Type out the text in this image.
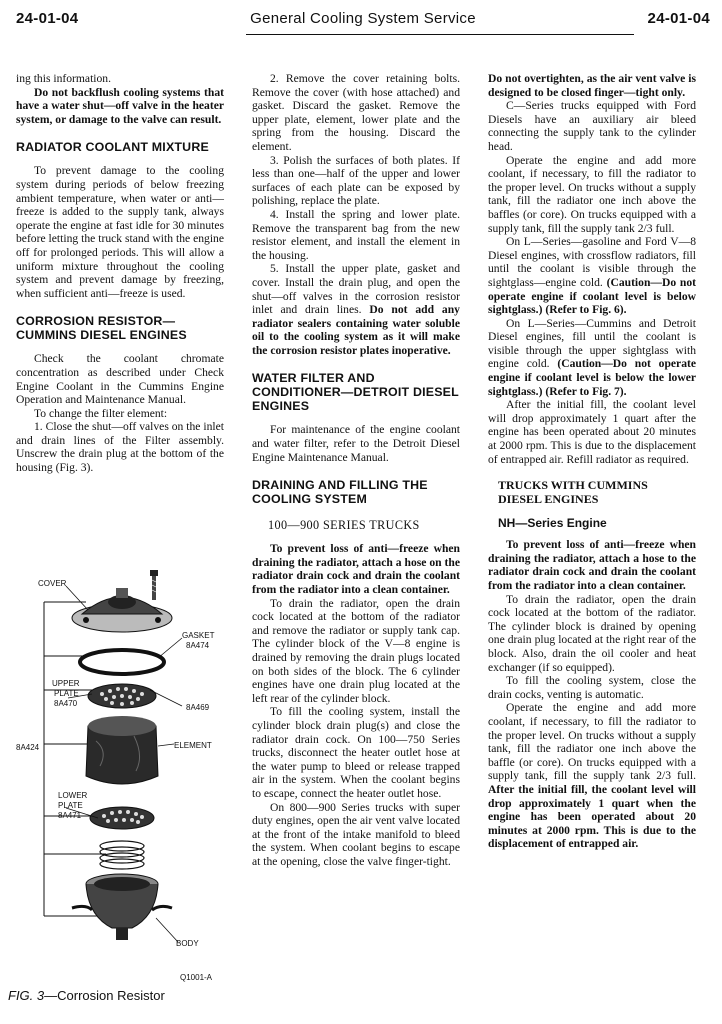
24-01-04	General Cooling System Service	24-01-04

ing this information.

Do not backflush cooling systems that have a water shut—off valve in the heater system, or damage to the valve can result.

RADIATOR COOLANT MIXTURE

To prevent damage to the cooling system during periods of below freezing ambient temperature, when water or anti—freeze is added to the supply tank, always operate the engine at fast idle for 30 minutes before letting the truck stand with the engine off for prolonged periods. This will allow a uniform mixture throughout the cooling system and prevent damage by freezing, when sufficient anti—freeze is used.

CORROSION RESISTOR—
CUMMINS DIESEL ENGINES

Check the coolant chromate concentration as described under Check Engine Coolant in the Cummins Engine Operation and Maintenance Manual.

To change the filter element:

1. Close the shut—off valves on the inlet and drain lines of the Filter assembly. Unscrew the drain plug at the bottom of the housing (Fig. 3).

COVER
GASKET
8A474
UPPER
PLATE
8A470	8A469
8A424	ELEMENT
LOWER
PLATE
8A471
BODY
Q1001-A
FIG. 3—Corrosion Resistor

2. Remove the cover retaining bolts. Remove the cover (with hose attached) and gasket. Discard the gasket. Remove the upper plate, element, lower plate and the spring from the housing. Discard the element.

3. Polish the surfaces of both plates. If less than one—half of the upper and lower surfaces of each plate can be exposed by polishing, replace the plate.

4. Install the spring and lower plate. Remove the transparent bag from the new resistor element, and install the element in the housing.

5. Install the upper plate, gasket and cover. Install the drain plug, and open the shut—off valves in the corrosion resistor inlet and drain lines. Do not add any radiator sealers containing water soluble oil to the cooling system as it will make the corrosion resistor plates inoperative.

WATER FILTER AND
CONDITIONER—DETROIT DIESEL
ENGINES

For maintenance of the engine coolant and water filter, refer to the Detroit Diesel Engine Maintenance Manual.

DRAINING AND FILLING THE
COOLING SYSTEM
100—900 SERIES TRUCKS

To prevent loss of anti—freeze when draining the radiator, attach a hose on the radiator drain cock and drain the coolant from the radiator into a clean container.

To drain the radiator, open the drain cock located at the bottom of the radiator and remove the radiator or supply tank cap. The cylinder block of the V—8 engine is drained by removing the drain plugs located on both sides of the block. The 6 cylinder engines have one drain plug located at the left rear of the cylinder block.

To fill the cooling system, install the cylinder block drain plug(s) and close the radiator drain cock. On 100—750 Series trucks, disconnect the heater outlet hose at the water pump to bleed or release trapped air in the system. When the coolant begins to escape, connect the heater outlet hose.

On 800—900 Series trucks with super duty engines, open the air vent valve located at the front of the intake manifold to bleed the system. When coolant begins to escape at the opening, close the valve finger-tight.

Do not overtighten, as the air vent valve is designed to be closed finger—tight only.

C—Series trucks equipped with Ford Diesels have an auxiliary air bleed connecting the supply tank to the cylinder head.

Operate the engine and add more coolant, if necessary, to fill the radiator to the proper level. On trucks without a supply tank, fill the radiator one inch above the baffles (or core). On trucks equipped with a supply tank, fill the supply tank 2/3 full.

On L—Series—gasoline and Ford V—8 Diesel engines, with crossflow radiators, fill until the coolant is visible through the sightglass—engine cold. (Caution—Do not operate engine if coolant level is below sightglass.) (Refer to Fig. 6).

On L—Series—Cummins and Detroit Diesel engines, fill until the coolant is visible through the upper sightglass with engine cold. (Caution—Do not operate engine if coolant level is below the lower sightglass.) (Refer to Fig. 7).

After the initial fill, the coolant level will drop approximately 1 quart after the engine has been operated about 20 minutes at 2000 rpm. This is due to the displacement of entrapped air. Refill radiator as required.

TRUCKS WITH CUMMINS
DIESEL ENGINES
NH—Series Engine

To prevent loss of anti—freeze when draining the radiator, attach a hose to the radiator drain cock and drain the coolant from the radiator into a clean container.

To drain the radiator, open the drain cock located at the bottom of the radiator. The cylinder block is drained by opening one drain plug located at the right rear of the block. Also, drain the oil cooler and heat exchanger (if so equipped).

To fill the cooling system, close the drain cocks, venting is automatic.

Operate the engine and add more coolant, if necessary, to fill the radiator to the proper level. On trucks without a supply tank, fill the radiator one inch above the baffle (or core). On trucks equipped with a supply tank, fill the supply tank 2/3 full. After the initial fill, the coolant level will drop approximately 1 quart when the engine has been operated about 20 minutes at 2000 rpm. This is due to the displacement of entrapped air.
